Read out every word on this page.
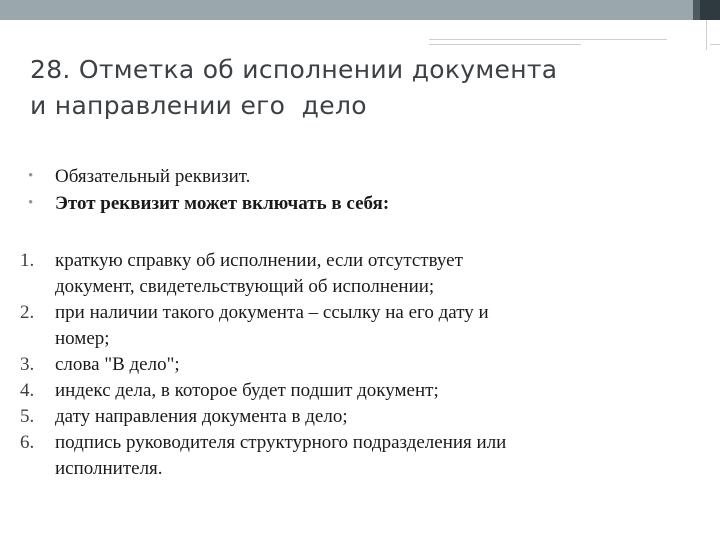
28. Отметка об исполнении документа
и направлении его  дело
• Обязательный реквизит.
• Этот реквизит может включать в себя:
1.	краткую справку об исполнении, если отсутствует
документ, свидетельствующий об исполнении;
2.	при наличии такого документа – ссылку на его дату и
номер;
3.	слова "В дело";
4.	индекс дела, в которое будет подшит документ;
5.	дату направления документа в дело;
6.	подпись руководителя структурного подразделения или
исполнителя.
